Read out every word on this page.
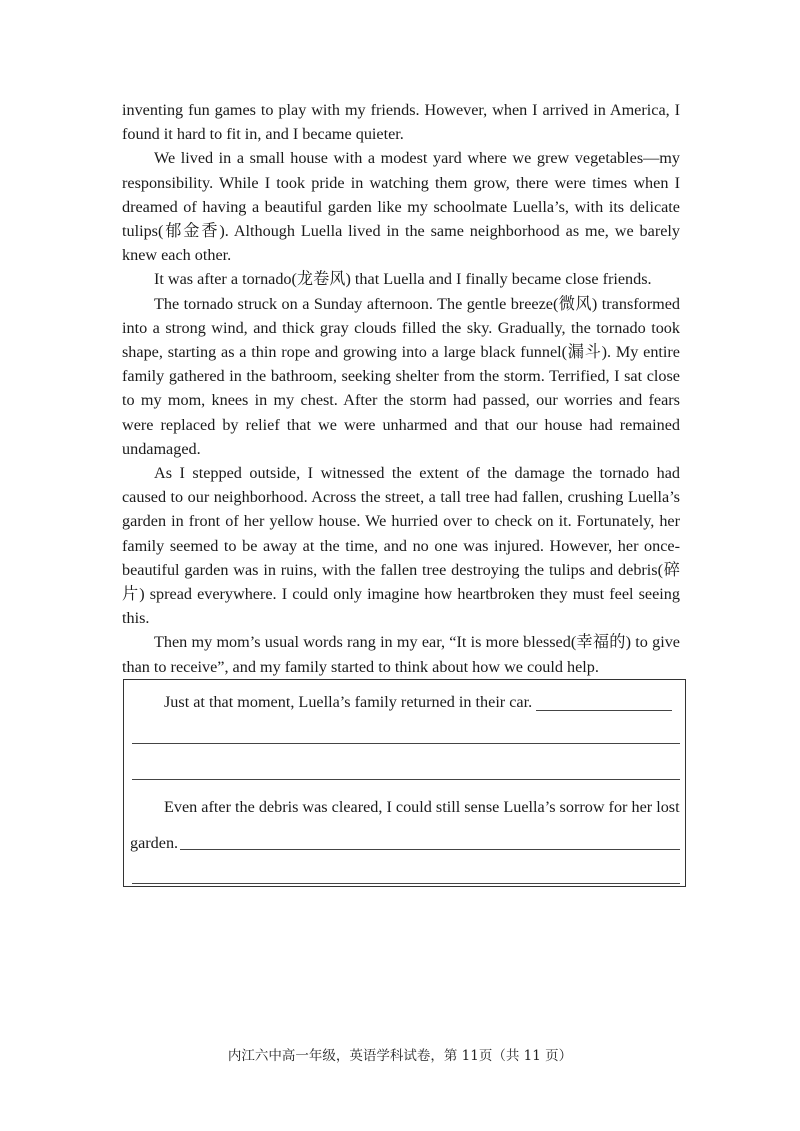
inventing fun games to play with my friends. However, when I arrived in America, I found it hard to fit in, and I became quieter.

We lived in a small house with a modest yard where we grew vegetables—my responsibility. While I took pride in watching them grow, there were times when I dreamed of having a beautiful garden like my schoolmate Luella’s, with its delicate tulips(郁金香). Although Luella lived in the same neighborhood as me, we barely knew each other.

It was after a tornado(龙卷风) that Luella and I finally became close friends.

The tornado struck on a Sunday afternoon. The gentle breeze(微风) transformed into a strong wind, and thick gray clouds filled the sky. Gradually, the tornado took shape, starting as a thin rope and growing into a large black funnel(漏斗). My entire family gathered in the bathroom, seeking shelter from the storm. Terrified, I sat close to my mom, knees in my chest. After the storm had passed, our worries and fears were replaced by relief that we were unharmed and that our house had remained undamaged.

As I stepped outside, I witnessed the extent of the damage the tornado had caused to our neighborhood. Across the street, a tall tree had fallen, crushing Luella’s garden in front of her yellow house. We hurried over to check on it. Fortunately, her family seemed to be away at the time, and no one was injured. However, her once-beautiful garden was in ruins, with the fallen tree destroying the tulips and debris(碎片) spread everywhere. I could only imagine how heartbroken they must feel seeing this.

Then my mom’s usual words rang in my ear, “It is more blessed(幸福的) to give than to receive”, and my family started to think about how we could help.

Just at that moment, Luella’s family returned in their car.
Even after the debris was cleared, I could still sense Luella’s sorrow for her lost
garden.
内江六中高一年级，英语学科试卷，第 11页（共 11 页）
